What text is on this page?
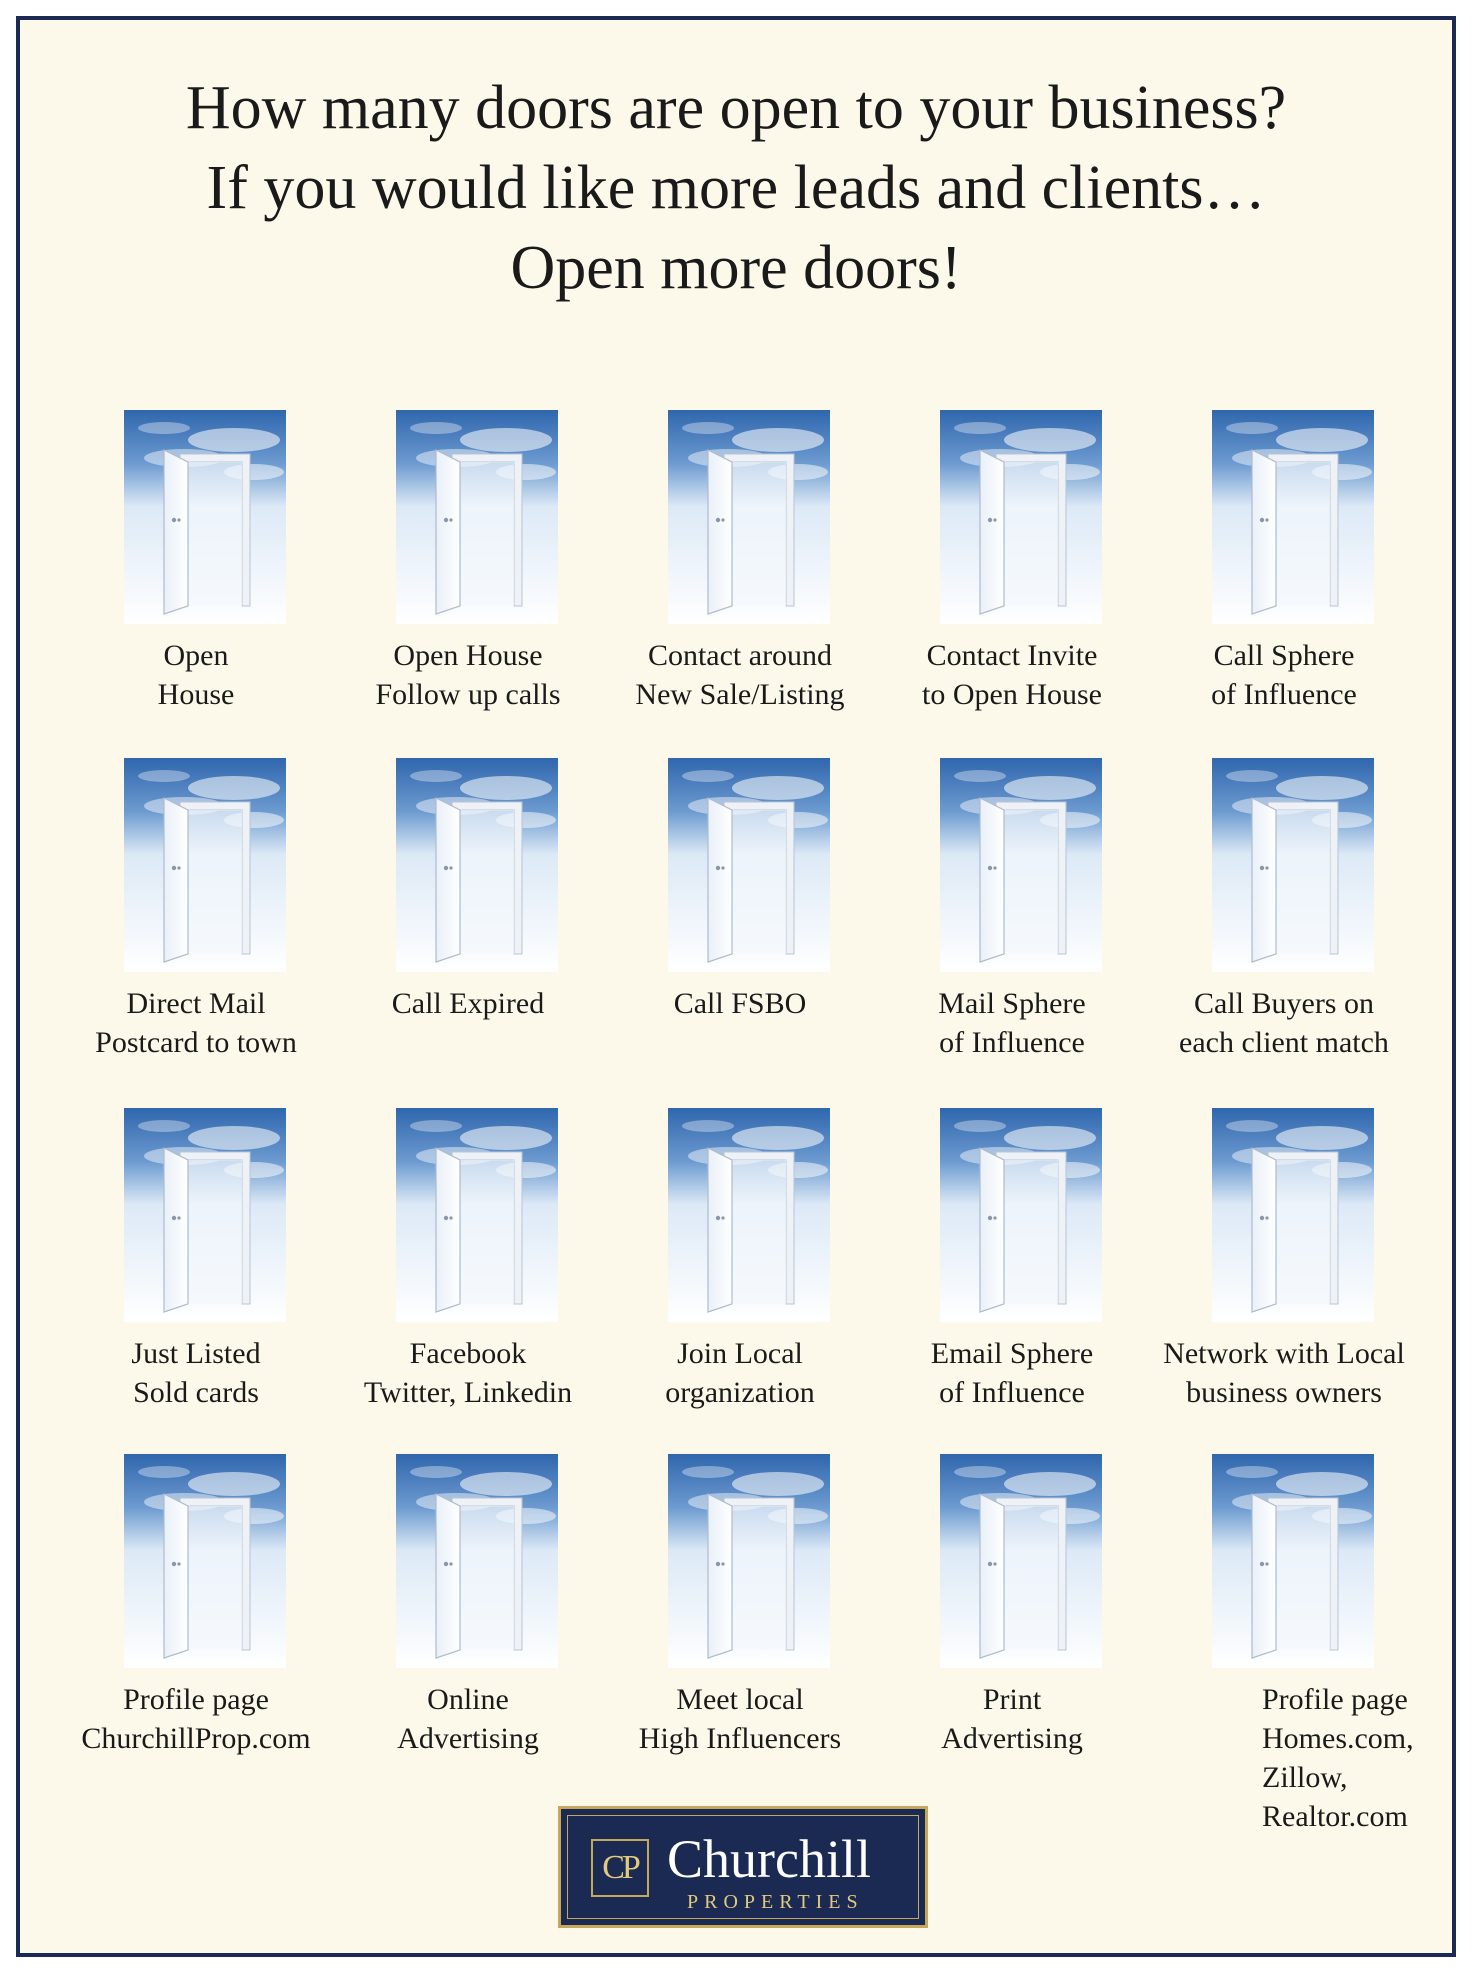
How many doors are open to your business?
If you would like more leads and clients…
Open more doors!
Open
House
Open House
Follow up calls
Contact around
New Sale/Listing
Contact Invite
to Open House
Call Sphere
of Influence
Direct Mail
Postcard to town
Call Expired	Call FSBO	Mail Sphere
of Influence
Call Buyers on
each client match
Just Listed
Sold cards
Facebook
Twitter, Linkedin
Join Local
organization
Email Sphere
of Influence
Network with Local
business owners
Profile page
ChurchillProp.com
Online
Advertising
Meet local
High Influencers
Print
Advertising
Profile page
Homes.com,
Zillow,
Realtor.com
CP Churchill
PROPERTIES
